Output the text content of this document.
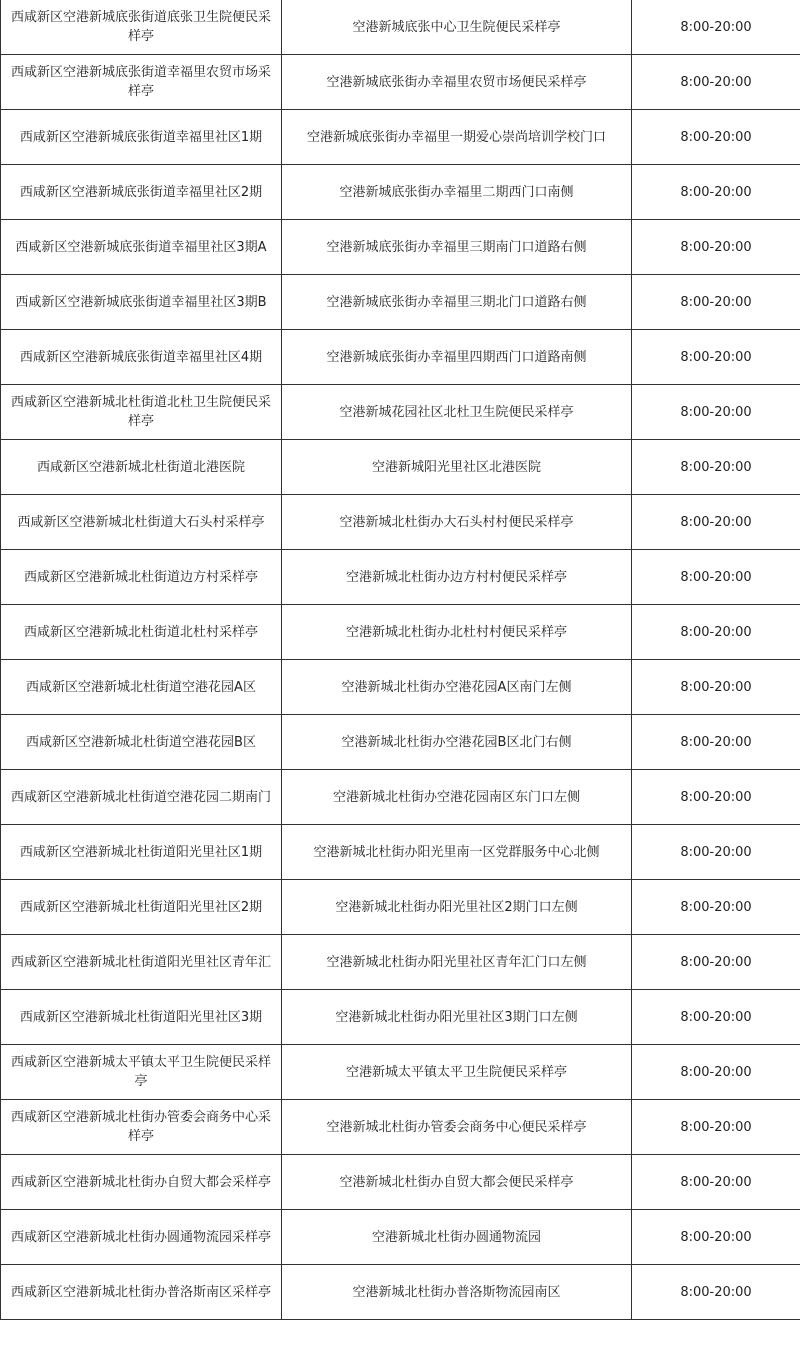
西咸新区空港新城底张街道底张卫生院便民采样亭	空港新城底张中心卫生院便民采样亭	8:00-20:00
西咸新区空港新城底张街道幸福里农贸市场采样亭	空港新城底张街办幸福里农贸市场便民采样亭	8:00-20:00
西咸新区空港新城底张街道幸福里社区1期	空港新城底张街办幸福里一期爱心崇尚培训学校门口	8:00-20:00
西咸新区空港新城底张街道幸福里社区2期	空港新城底张街办幸福里二期西门口南侧	8:00-20:00
西咸新区空港新城底张街道幸福里社区3期A	空港新城底张街办幸福里三期南门口道路右侧	8:00-20:00
西咸新区空港新城底张街道幸福里社区3期B	空港新城底张街办幸福里三期北门口道路右侧	8:00-20:00
西咸新区空港新城底张街道幸福里社区4期	空港新城底张街办幸福里四期西门口道路南侧	8:00-20:00
西咸新区空港新城北杜街道北杜卫生院便民采样亭	空港新城花园社区北杜卫生院便民采样亭	8:00-20:00
西咸新区空港新城北杜街道北港医院	空港新城阳光里社区北港医院	8:00-20:00
西咸新区空港新城北杜街道大石头村采样亭	空港新城北杜街办大石头村村便民采样亭	8:00-20:00
西咸新区空港新城北杜街道边方村采样亭	空港新城北杜街办边方村村便民采样亭	8:00-20:00
西咸新区空港新城北杜街道北杜村采样亭	空港新城北杜街办北杜村村便民采样亭	8:00-20:00
西咸新区空港新城北杜街道空港花园A区	空港新城北杜街办空港花园A区南门左侧	8:00-20:00
西咸新区空港新城北杜街道空港花园B区	空港新城北杜街办空港花园B区北门右侧	8:00-20:00
西咸新区空港新城北杜街道空港花园二期南门	空港新城北杜街办空港花园南区东门口左侧	8:00-20:00
西咸新区空港新城北杜街道阳光里社区1期	空港新城北杜街办阳光里南一区党群服务中心北侧	8:00-20:00
西咸新区空港新城北杜街道阳光里社区2期	空港新城北杜街办阳光里社区2期门口左侧	8:00-20:00
西咸新区空港新城北杜街道阳光里社区青年汇	空港新城北杜街办阳光里社区青年汇门口左侧	8:00-20:00
西咸新区空港新城北杜街道阳光里社区3期	空港新城北杜街办阳光里社区3期门口左侧	8:00-20:00
西咸新区空港新城太平镇太平卫生院便民采样亭	空港新城太平镇太平卫生院便民采样亭	8:00-20:00
西咸新区空港新城北杜街办管委会商务中心采样亭	空港新城北杜街办管委会商务中心便民采样亭	8:00-20:00
西咸新区空港新城北杜街办自贸大都会采样亭	空港新城北杜街办自贸大都会便民采样亭	8:00-20:00
西咸新区空港新城北杜街办圆通物流园采样亭	空港新城北杜街办圆通物流园	8:00-20:00
西咸新区空港新城北杜街办普洛斯南区采样亭	空港新城北杜街办普洛斯物流园南区	8:00-20:00
